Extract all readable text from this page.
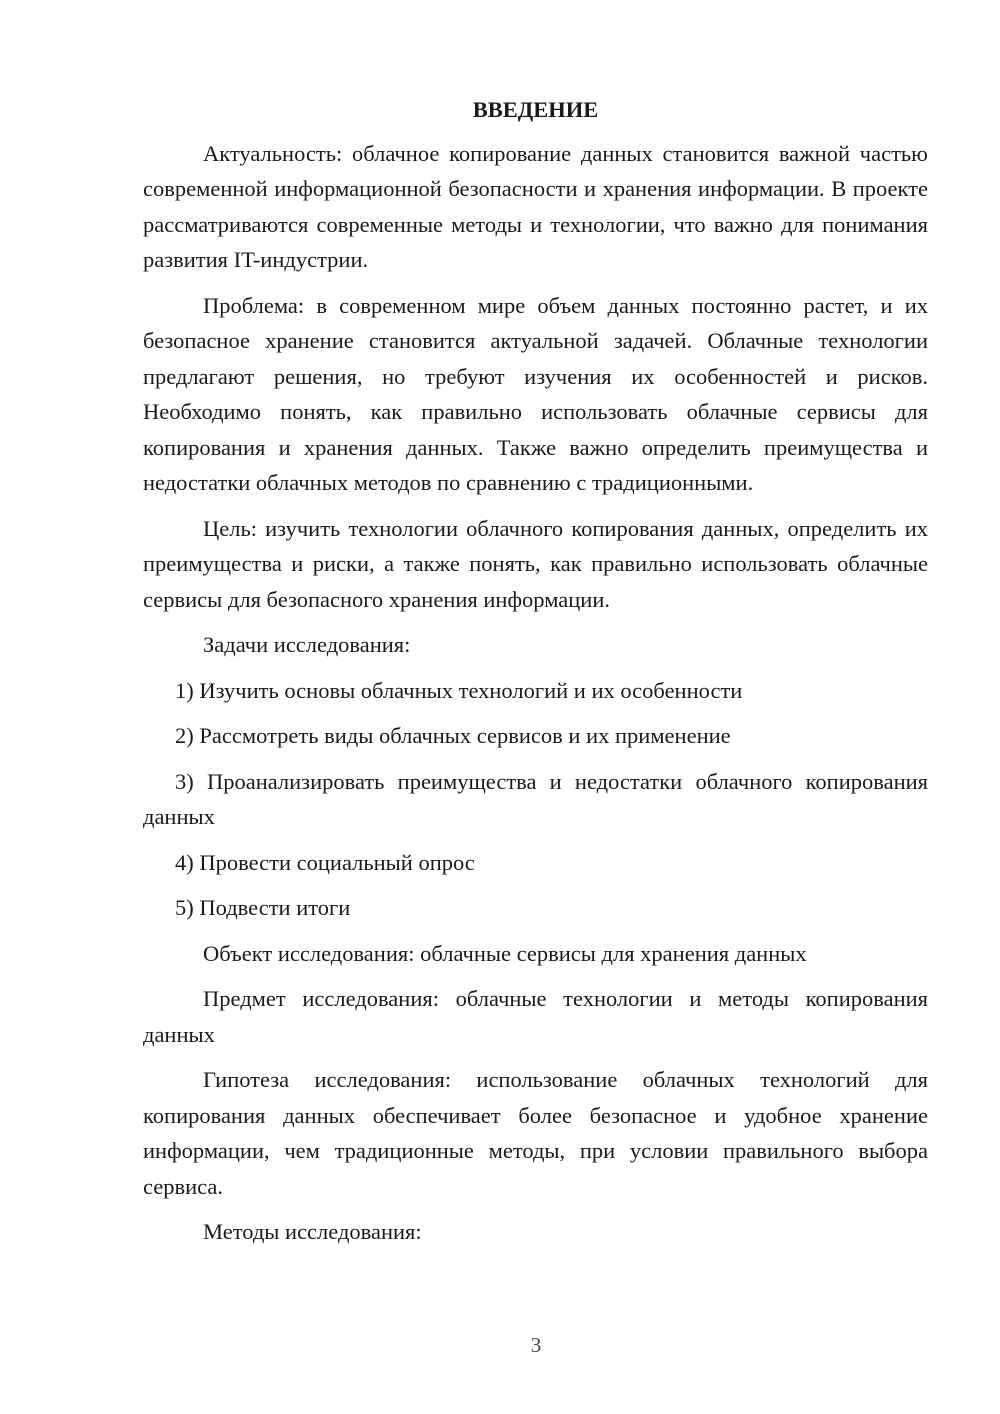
ВВЕДЕНИЕ

Актуальность: облачное копирование данных становится важной частью современной информационной безопасности и хранения информации. В проекте рассматриваются современные методы и технологии, что важно для понимания развития IT-индустрии.

Проблема: в современном мире объем данных постоянно растет, и их безопасное хранение становится актуальной задачей. Облачные технологии предлагают решения, но требуют изучения их особенностей и рисков. Необходимо понять, как правильно использовать облачные сервисы для копирования и хранения данных. Также важно определить преимущества и недостатки облачных методов по сравнению с традиционными.

Цель: изучить технологии облачного копирования данных, определить их преимущества и риски, а также понять, как правильно использовать облачные сервисы для безопасного хранения информации.

Задачи исследования:

1) Изучить основы облачных технологий и их особенности

2) Рассмотреть виды облачных сервисов и их применение

3) Проанализировать преимущества и недостатки облачного копирования данных

4) Провести социальный опрос

5) Подвести итоги

Объект исследования: облачные сервисы для хранения данных

Предмет исследования: облачные технологии и методы копирования данных

Гипотеза исследования: использование облачных технологий для копирования данных обеспечивает более безопасное и удобное хранение информации, чем традиционные методы, при условии правильного выбора сервиса.

Методы исследования:

3
